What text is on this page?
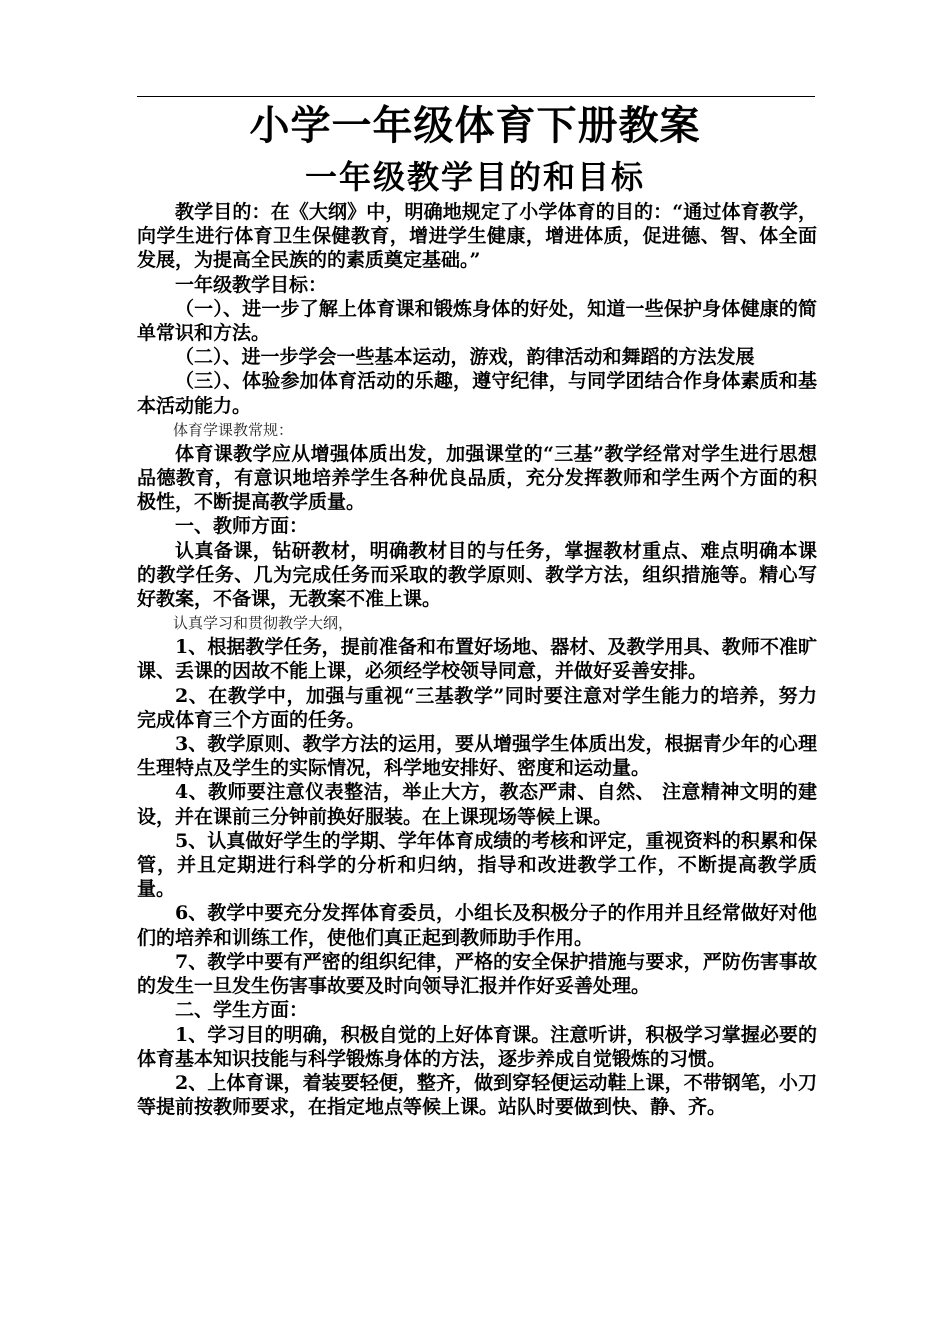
小学一年级体育下册教案
一年级教学目的和目标

教学目的：在《大纲》中，明确地规定了小学体育的目的：“通过体育教学，向学生进行体育卫生保健教育，增进学生健康，增进体质，促进德、智、体全面发展，为提高全民族的的素质奠定基础。”

一年级教学目标：

（一）、进一步了解上体育课和锻炼身体的好处，知道一些保护身体健康的简单常识和方法。

（二）、进一步学会一些基本运动，游戏，韵律活动和舞蹈的方法发展

（三）、体验参加体育活动的乐趣，遵守纪律，与同学团结合作身体素质和基本活动能力。

体育学课教常规：

体育课教学应从增强体质出发，加强课堂的“三基”教学经常对学生进行思想品德教育，有意识地培养学生各种优良品质，充分发挥教师和学生两个方面的积极性，不断提高教学质量。

一、教师方面：

认真备课，钻研教材，明确教材目的与任务，掌握教材重点、难点明确本课的教学任务、几为完成任务而采取的教学原则、教学方法，组织措施等。精心写好教案，不备课，无教案不准上课。

认真学习和贯彻教学大纲，

1、根据教学任务，提前准备和布置好场地、器材、及教学用具、教师不准旷课、丢课的因故不能上课，必须经学校领导同意，并做好妥善安排。

2、在教学中，加强与重视“三基教学”同时要注意对学生能力的培养，努力完成体育三个方面的任务。

3、教学原则、教学方法的运用，要从增强学生体质出发，根据青少年的心理生理特点及学生的实际情况，科学地安排好、密度和运动量。

4、教师要注意仪表整洁，举止大方，教态严肃、自然、 注意精神文明的建设，并在课前三分钟前换好服装。在上课现场等候上课。

5、认真做好学生的学期、学年体育成绩的考核和评定，重视资料的积累和保管，并且定期进行科学的分析和归纳，指导和改进教学工作，不断提高教学质量。

6、教学中要充分发挥体育委员，小组长及积极分子的作用并且经常做好对他们的培养和训练工作，使他们真正起到教师助手作用。

7、教学中要有严密的组织纪律，严格的安全保护措施与要求，严防伤害事故的发生一旦发生伤害事故要及时向领导汇报并作好妥善处理。

二、学生方面：

1、学习目的明确，积极自觉的上好体育课。注意听讲，积极学习掌握必要的体育基本知识技能与科学锻炼身体的方法，逐步养成自觉锻炼的习惯。

2、上体育课，着装要轻便，整齐，做到穿轻便运动鞋上课，不带钢笔，小刀等提前按教师要求，在指定地点等候上课。站队时要做到快、静、齐。
